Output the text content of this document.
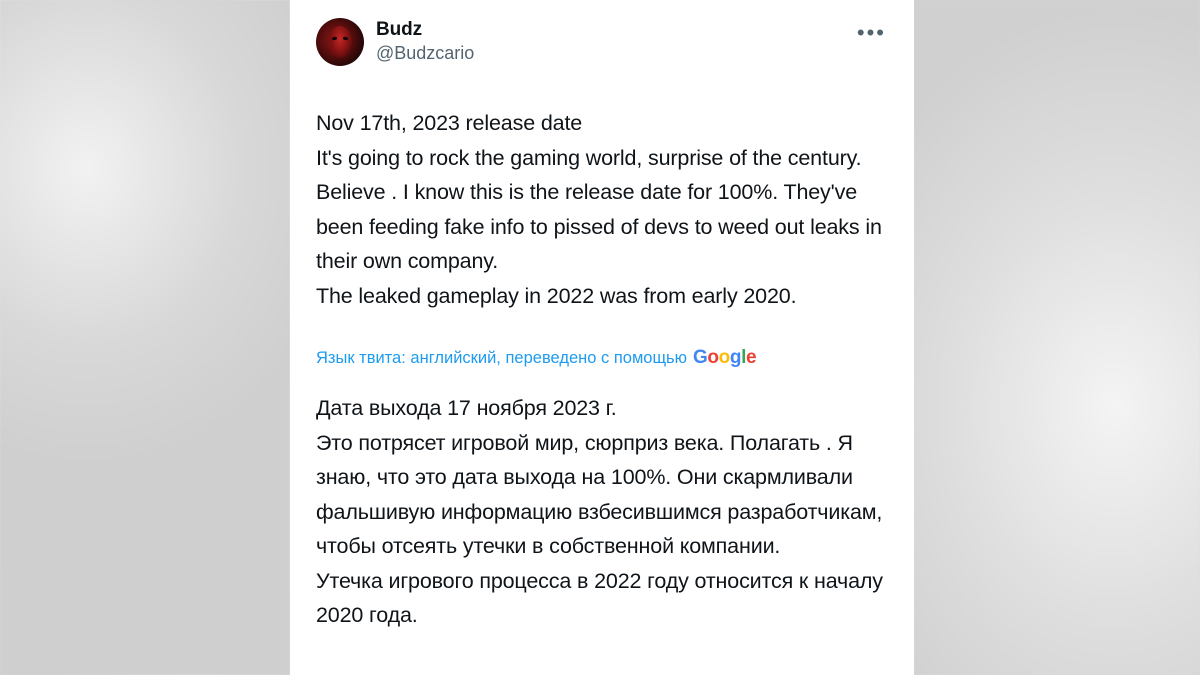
Budz
@Budzcario
•••
Nov 17th, 2023 release date
It's going to rock the gaming world, surprise of the century. Believe . I know this is the release date for 100%. They've been feeding fake info to pissed of devs to weed out leaks in their own company.
The leaked gameplay in 2022 was from early 2020.
Язык твита: английский, переведено с помощью Google
Дата выхода 17 ноября 2023 г.
Это потрясет игровой мир, сюрприз века. Полагать . Я знаю, что это дата выхода на 100%. Они скармливали фальшивую информацию взбесившимся разработчикам, чтобы отсеять утечки в собственной компании.
Утечка игрового процесса в 2022 году относится к началу 2020 года.
